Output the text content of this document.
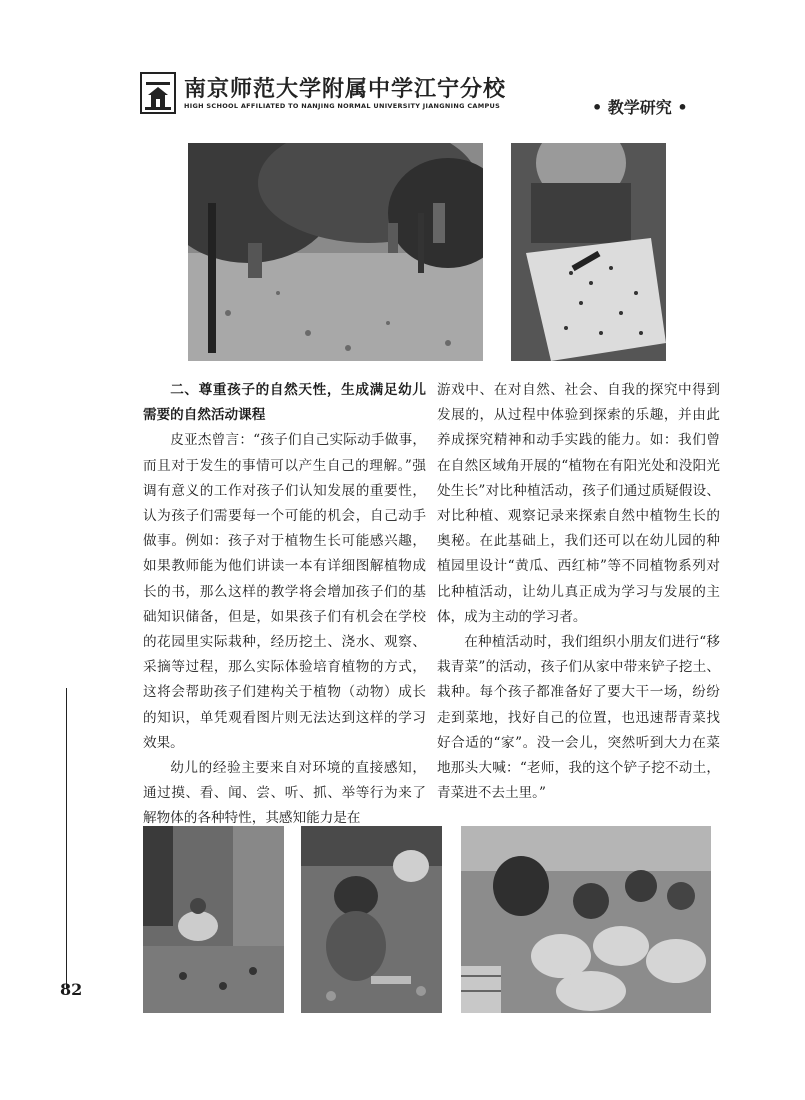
南京师范大学附属中学江宁分校
HIGH SCHOOL AFFILIATED TO NANJING NORMAL UNIVERSITY JIANGNING CAMPUS	• 教学研究 •
二、尊重孩子的自然天性，生成满足幼儿需要的自然活动课程

皮亚杰曾言：“孩子们自己实际动手做事，而且对于发生的事情可以产生自己的理解。”强调有意义的工作对孩子们认知发展的重要性，认为孩子们需要每一个可能的机会，自己动手做事。例如：孩子对于植物生长可能感兴趣，如果教师能为他们讲读一本有详细图解植物成长的书，那么这样的教学将会增加孩子们的基础知识储备，但是，如果孩子们有机会在学校的花园里实际栽种，经历挖土、浇水、观察、采摘等过程，那么实际体验培育植物的方式，这将会帮助孩子们建构关于植物（动物）成长的知识，单凭观看图片则无法达到这样的学习效果。

幼儿的经验主要来自对环境的直接感知，通过摸、看、闻、尝、听、抓、举等行为来了解物体的各种特性，其感知能力是在

游戏中、在对自然、社会、自我的探究中得到发展的，从过程中体验到探索的乐趣，并由此养成探究精神和动手实践的能力。如：我们曾在自然区域角开展的“植物在有阳光处和没阳光处生长”对比种植活动，孩子们通过质疑假设、对比种植、观察记录来探索自然中植物生长的奥秘。在此基础上，我们还可以在幼儿园的种植园里设计“黄瓜、西红柿”等不同植物系列对比种植活动，让幼儿真正成为学习与发展的主体，成为主动的学习者。

在种植活动时，我们组织小朋友们进行“移栽青菜”的活动，孩子们从家中带来铲子挖土、栽种。每个孩子都准备好了要大干一场，纷纷走到菜地，找好自己的位置，也迅速帮青菜找好合适的“家”。没一会儿，突然听到大力在菜地那头大喊：“老师，我的这个铲子挖不动土，青菜进不去土里。”

82
